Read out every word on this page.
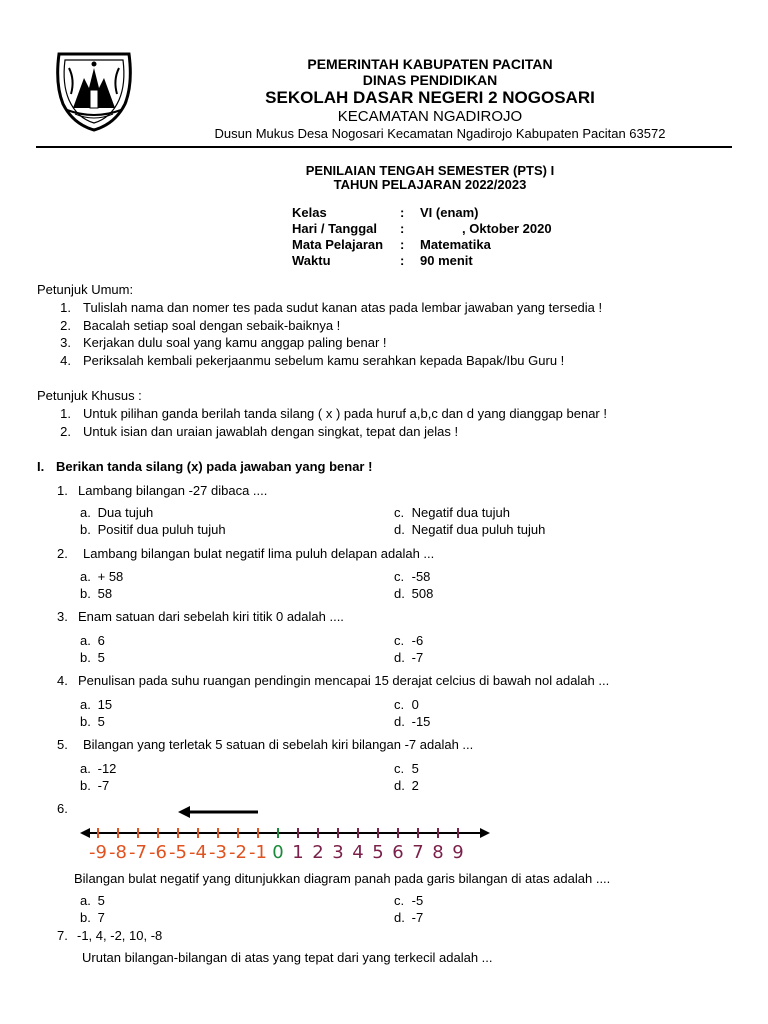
PEMERINTAH KABUPATEN PACITAN
DINAS PENDIDIKAN
SEKOLAH DASAR NEGERI 2 NOGOSARI
KECAMATAN NGADIROJO
Dusun Mukus Desa Nogosari Kecamatan Ngadirojo Kabupaten Pacitan 63572
PENILAIAN TENGAH SEMESTER (PTS) I
TAHUN PELAJARAN 2022/2023
Kelas	: VI (enam)
Hari / Tanggal :	, Oktober 2020
Mata Pelajaran : Matematika
Waktu	: 90 menit
Petunjuk Umum:
1. Tulislah nama dan nomer tes pada sudut kanan atas pada lembar jawaban yang tersedia !
2. Bacalah setiap soal dengan sebaik-baiknya !
3. Kerjakan dulu soal yang kamu anggap paling benar !
4. Periksalah kembali pekerjaanmu sebelum kamu serahkan kepada Bapak/Ibu Guru !
Petunjuk Khusus :
1. Untuk pilihan ganda berilah tanda silang ( x ) pada huruf a,b,c dan d yang dianggap benar !
2. Untuk isian dan uraian jawablah dengan singkat, tepat dan jelas !
I. Berikan tanda silang (x) pada jawaban yang benar !
1. Lambang bilangan -27 dibaca ....
a. Dua tujuh
b. Positif dua puluh tujuh
c. Negatif dua tujuh
d. Negatif dua puluh tujuh
2. Lambang bilangan bulat negatif lima puluh delapan adalah ...
a. + 58
b. 58
c. -58
d. 508
3. Enam satuan dari sebelah kiri titik 0 adalah ....
a. 6
b. 5
c. -6
d. -7
4. Penulisan pada suhu ruangan pendingin mencapai 15 derajat celcius di bawah nol adalah ...
a. 15
b. 5
c. 0
d. -15
5. Bilangan yang terletak 5 satuan di sebelah kiri bilangan -7 adalah ...
a. -12
b. -7
c. 5
d. 2
6.
-9 -8 -7 -6 -5 -4 -3 -2 -1 0 1 2 3 4 5 6 7 8 9
Bilangan bulat negatif yang ditunjukkan diagram panah pada garis bilangan di atas adalah ....
a. 5
b. 7
c. -5
d. -7
7. -1, 4, -2, 10, -8
Urutan bilangan-bilangan di atas yang tepat dari yang terkecil adalah ...
